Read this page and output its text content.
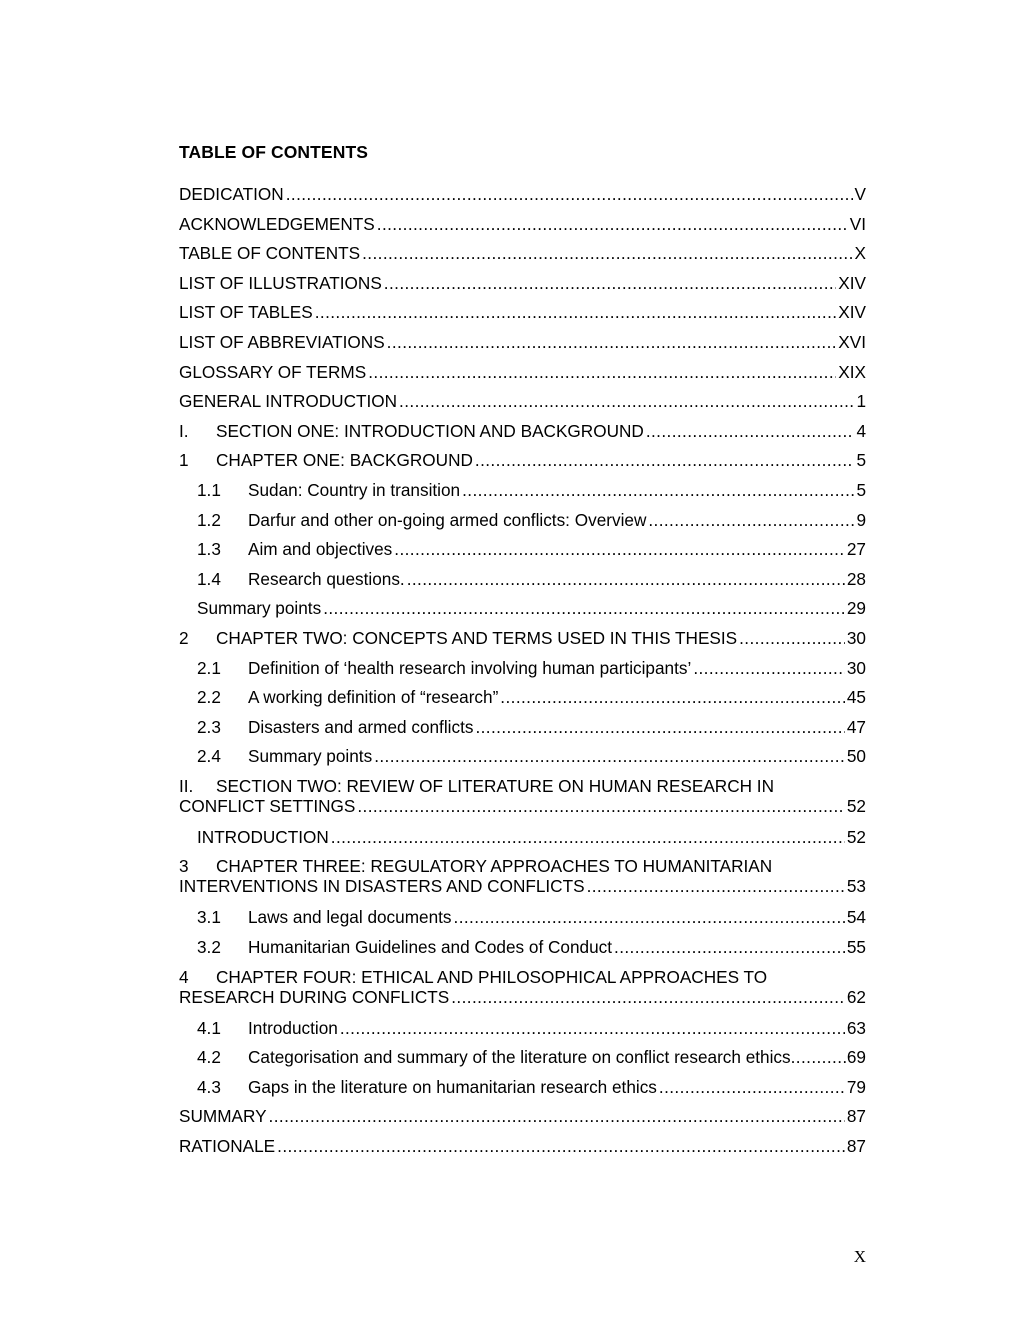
TABLE OF CONTENTS
DEDICATION .....	V
ACKNOWLEDGEMENTS .....	VI
TABLE OF CONTENTS .....	X
LIST OF ILLUSTRATIONS .....	XIV
LIST OF TABLES .....	XIV
LIST OF ABBREVIATIONS .....	XVI
GLOSSARY OF TERMS .....	XIX
GENERAL INTRODUCTION .....	1
I.	SECTION ONE: INTRODUCTION AND BACKGROUND .....	4
1	CHAPTER ONE: BACKGROUND .....	5
1.1	Sudan: Country in transition .....	5
1.2	Darfur and other on-going armed conflicts: Overview .....	9
1.3	Aim and objectives .....	27
1.4	Research questions. .....	28
Summary points .....	29
2	CHAPTER TWO: CONCEPTS AND TERMS USED IN THIS THESIS .....	30
2.1	Definition of ‘health research involving human participants’ .....	30
2.2	A working definition of “research” .....	45
2.3	Disasters and armed conflicts .....	47
2.4	Summary points .....	50
II.	SECTION TWO: REVIEW OF LITERATURE ON HUMAN RESEARCH IN
CONFLICT SETTINGS .....	52
INTRODUCTION .....	52
3	CHAPTER THREE: REGULATORY APPROACHES TO HUMANITARIAN
INTERVENTIONS IN DISASTERS AND CONFLICTS .....	53
3.1	Laws and legal documents .....	54
3.2	Humanitarian Guidelines and Codes of Conduct .....	55
4	CHAPTER FOUR: ETHICAL AND PHILOSOPHICAL APPROACHES TO
RESEARCH DURING CONFLICTS .....	62
4.1	Introduction .....	63
4.2	Categorisation and summary of the literature on conflict research ethics .....	69
4.3	Gaps in the literature on humanitarian research ethics .....	79
SUMMARY .....	87
RATIONALE .....	87
X
